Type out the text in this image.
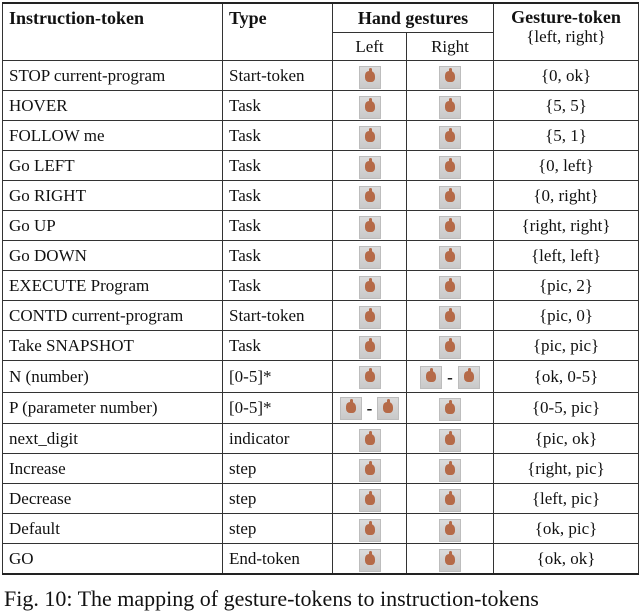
Instruction-token	Type	Hand gestures		Gesture-token
{left, right}

		Left	Right	
STOP current-program	Start-token			{0, ok}
HOVER	Task			{5, 5}
FOLLOW me	Task			{5, 1}
Go LEFT	Task			{0, left}
Go RIGHT	Task			{0, right}
Go UP	Task			{right, right}
Go DOWN	Task			{left, left}
EXECUTE Program	Task			{pic, 2}
CONTD current-program	Start-token			{pic, 0}
Take SNAPSHOT	Task			{pic, pic}
N (number)	[0-5]*		-	{ok, 0-5}
P (parameter number)	[0-5]*	-		{0-5, pic}
next_digit	indicator			{pic, ok}
Increase	step			{right, pic}
Decrease	step			{left, pic}
Default	step			{ok, pic}
GO	End-token			{ok, ok}
Fig. 10: The mapping of gesture-tokens to instruction-tokens
